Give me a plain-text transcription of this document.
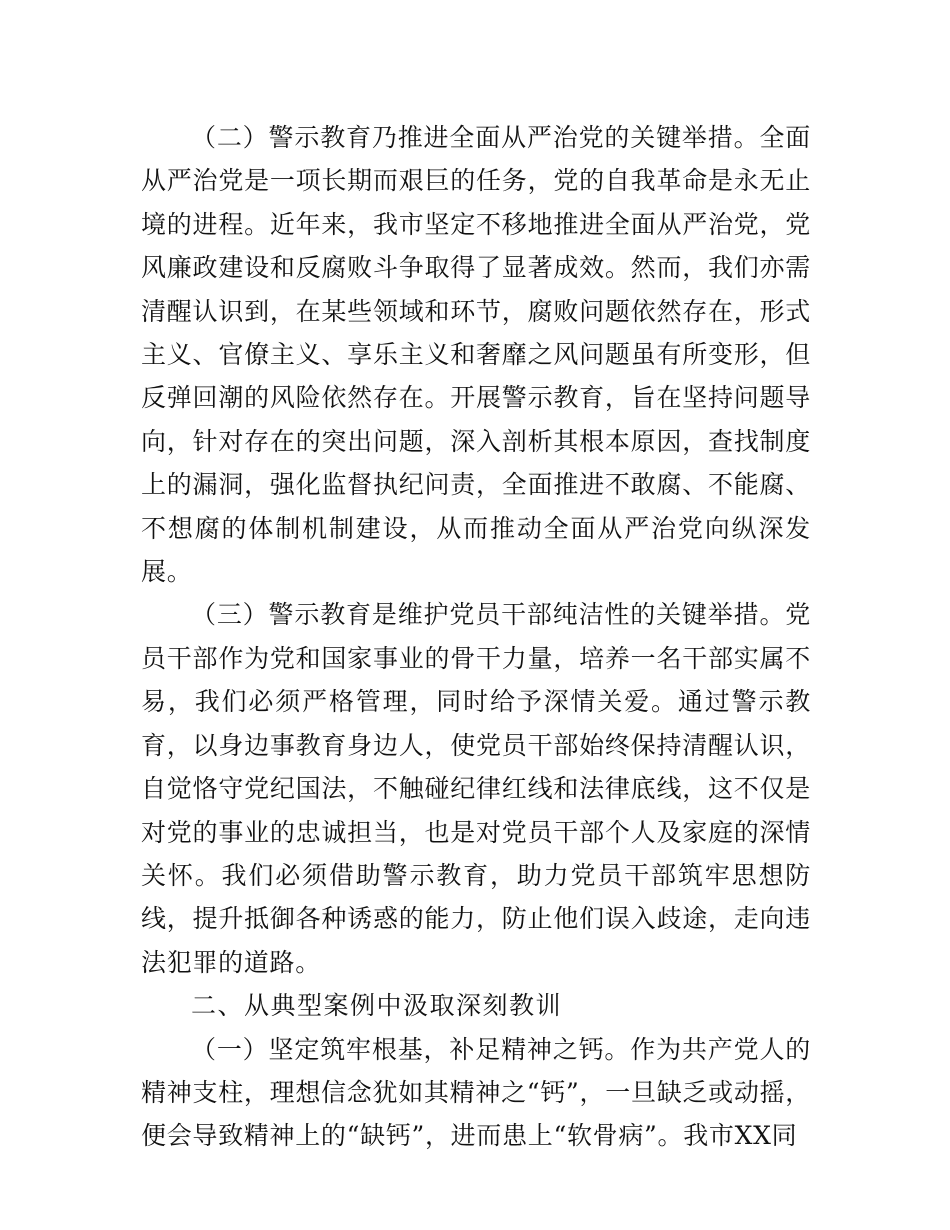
（二）警示教育乃推进全面从严治党的关键举措。全面从严治党是一项长期而艰巨的任务，党的自我革命是永无止境的进程。近年来，我市坚定不移地推进全面从严治党，党风廉政建设和反腐败斗争取得了显著成效。然而，我们亦需清醒认识到，在某些领域和环节，腐败问题依然存在，形式主义、官僚主义、享乐主义和奢靡之风问题虽有所变形，但反弹回潮的风险依然存在。开展警示教育，旨在坚持问题导向，针对存在的突出问题，深入剖析其根本原因，查找制度上的漏洞，强化监督执纪问责，全面推进不敢腐、不能腐、不想腐的体制机制建设，从而推动全面从严治党向纵深发展。

（三）警示教育是维护党员干部纯洁性的关键举措。党员干部作为党和国家事业的骨干力量，培养一名干部实属不易，我们必须严格管理，同时给予深情关爱。通过警示教育，以身边事教育身边人，使党员干部始终保持清醒认识，自觉恪守党纪国法，不触碰纪律红线和法律底线，这不仅是对党的事业的忠诚担当，也是对党员干部个人及家庭的深情关怀。我们必须借助警示教育，助力党员干部筑牢思想防线，提升抵御各种诱惑的能力，防止他们误入歧途，走向违法犯罪的道路。

二、从典型案例中汲取深刻教训

（一）坚定筑牢根基，补足精神之钙。作为共产党人的精神支柱，理想信念犹如其精神之“钙”，一旦缺乏或动摇，便会导致精神上的“缺钙”，进而患上“软骨病”。我市XX同
